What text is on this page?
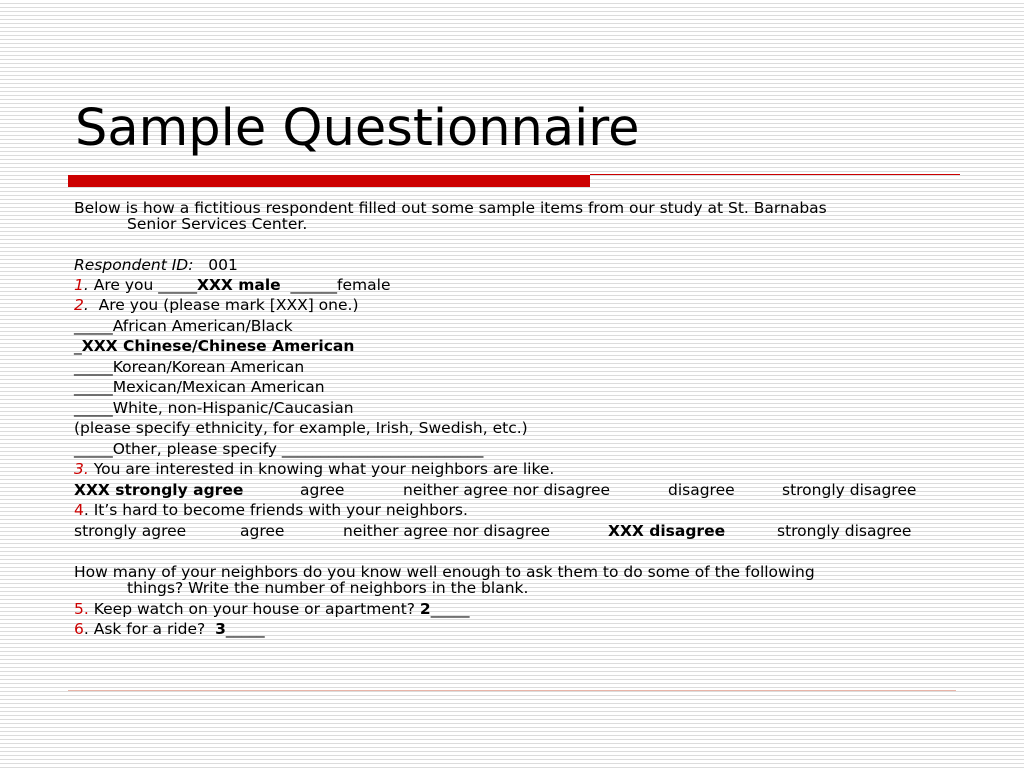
Sample Questionnaire
Below is how a fictitious respondent filled out some sample items from our study at St. Barnabas
Senior Services Center.
Respondent ID: 001
1. Are you _____XXX male  ______female
2.  Are you (please mark [XXX] one.)
_____African American/Black
_XXX Chinese/Chinese American
_____Korean/Korean American
_____Mexican/Mexican American
_____White, non-Hispanic/Caucasian
(please specify ethnicity, for example, Irish, Swedish, etc.)
_____Other, please specify __________________________
3. You are interested in knowing what your neighbors are like.
XXX strongly agree	agree	neither agree nor disagree	disagree	strongly disagree
4. It’s hard to become friends with your neighbors.
strongly agree	agree	neither agree nor disagree	XXX disagree	strongly disagree
How many of your neighbors do you know well enough to ask them to do some of the following
things? Write the number of neighbors in the blank.
5. Keep watch on your house or apartment? 2_____
6. Ask for a ride?  3_____
